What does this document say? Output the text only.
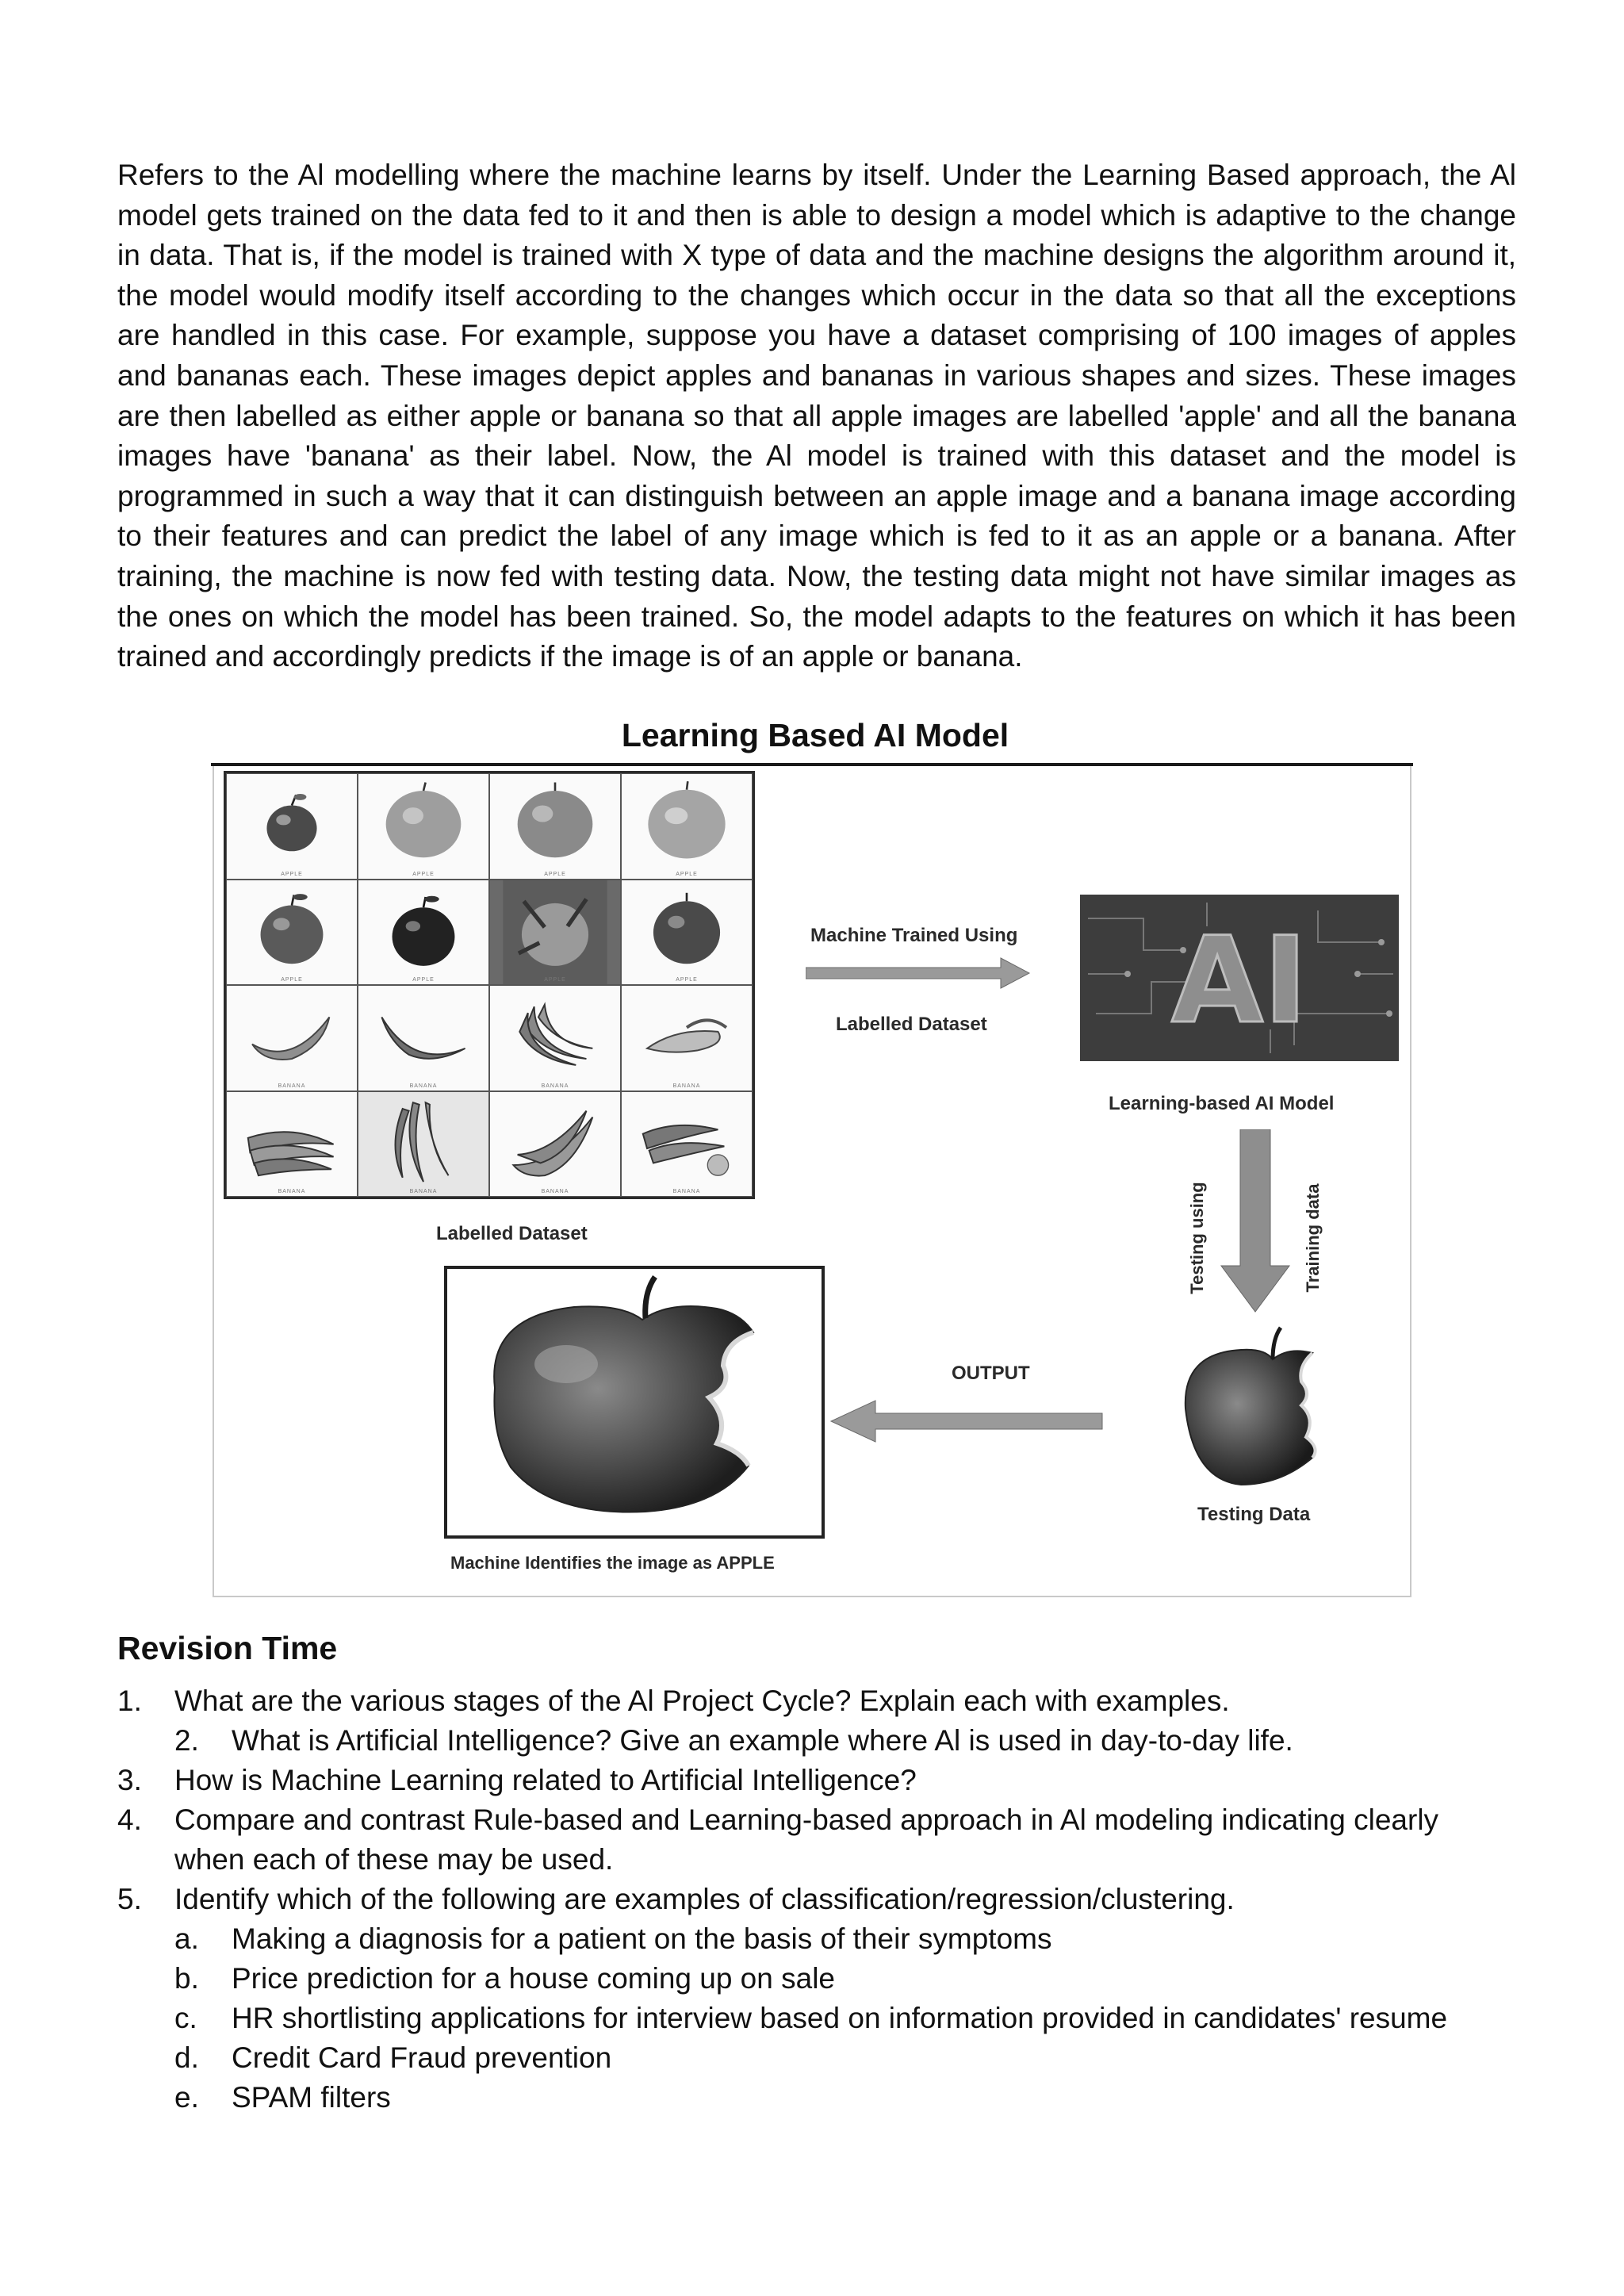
Refers to the Al modelling where the machine learns by itself. Under the Learning Based approach, the Al model gets trained on the data fed to it and then is able to design a model which is adaptive to the change in data. That is, if the model is trained with X type of data and the machine designs the algorithm around it, the model would modify itself according to the changes which occur in the data so that all the exceptions are handled in this case. For example, suppose you have a dataset comprising of 100 images of apples and bananas each. These images depict apples and bananas in various shapes and sizes. These images are then labelled as either apple or banana so that all apple images are labelled 'apple' and all the banana images have 'banana' as their label. Now, the Al model is trained with this dataset and the model is programmed in such a way that it can distinguish between an apple image and a banana image according to their features and can predict the label of any image which is fed to it as an apple or a banana. After training, the machine is now fed with testing data. Now, the testing data might not have similar images as the ones on which the model has been trained. So, the model adapts to the features on which it has been trained and accordingly predicts if the image is of an apple or banana.

Learning Based AI Model
APPLE	APPLE	APPLE	APPLE
APPLE	APPLE	APPLE	APPLE
BANANA	BANANA	BANANA	BANANA
BANANA	BANANA	BANANA	BANANA
Machine Trained Using
Labelled Dataset AI
Learning-based AI Model
Testing using	Training data
Labelled Dataset
OUTPUT
Testing Data
Machine Identifies the image as APPLE
Revision Time
1. What are the various stages of the Al Project Cycle? Explain each with examples.
2. What is Artificial Intelligence? Give an example where Al is used in day-to-day life.
3. How is Machine Learning related to Artificial Intelligence?
4. Compare and contrast Rule-based and Learning-based approach in Al modeling indicating clearly
when each of these may be used.
5. Identify which of the following are examples of classification/regression/clustering.
a. Making a diagnosis for a patient on the basis of their symptoms
b. Price prediction for a house coming up on sale
c. HR shortlisting applications for interview based on information provided in candidates' resume
d. Credit Card Fraud prevention
e. SPAM filters
